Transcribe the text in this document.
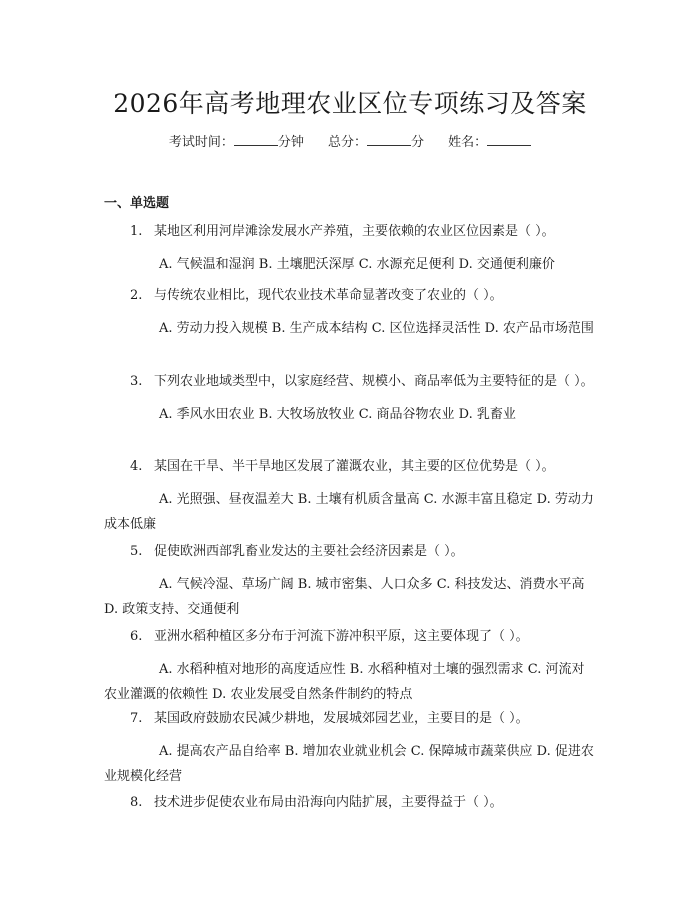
2026年高考地理农业区位专项练习及答案
考试时间：	分钟 总分：	分 姓名：
一、单选题
1. 某地区利用河岸滩涂发展水产养殖，主要依赖的农业区位因素是（ ）。
A. 气候温和湿润 B. 土壤肥沃深厚 C. 水源充足便利 D. 交通便利廉价
2. 与传统农业相比，现代农业技术革命显著改变了农业的（ ）。
A. 劳动力投入规模 B. 生产成本结构 C. 区位选择灵活性 D. 农产品市场范围
3. 下列农业地域类型中，以家庭经营、规模小、商品率低为主要特征的是（ ）。
A. 季风水田农业 B. 大牧场放牧业 C. 商品谷物农业 D. 乳畜业
4. 某国在干旱、半干旱地区发展了灌溉农业，其主要的区位优势是（ ）。
A. 光照强、昼夜温差大 B. 土壤有机质含量高 C. 水源丰富且稳定 D. 劳动力成本低廉
5. 促使欧洲西部乳畜业发达的主要社会经济因素是（ ）。
A. 气候冷湿、草场广阔 B. 城市密集、人口众多 C. 科技发达、消费水平高 D. 政策支持、交通便利
6. 亚洲水稻种植区多分布于河流下游冲积平原，这主要体现了（ ）。
A. 水稻种植对地形的高度适应性 B. 水稻种植对土壤的强烈需求 C. 河流对农业灌溉的依赖性 D. 农业发展受自然条件制约的特点
7. 某国政府鼓励农民减少耕地，发展城郊园艺业，主要目的是（ ）。
A. 提高农产品自给率 B. 增加农业就业机会 C. 保障城市蔬菜供应 D. 促进农业规模化经营
8. 技术进步促使农业布局由沿海向内陆扩展，主要得益于（ ）。
